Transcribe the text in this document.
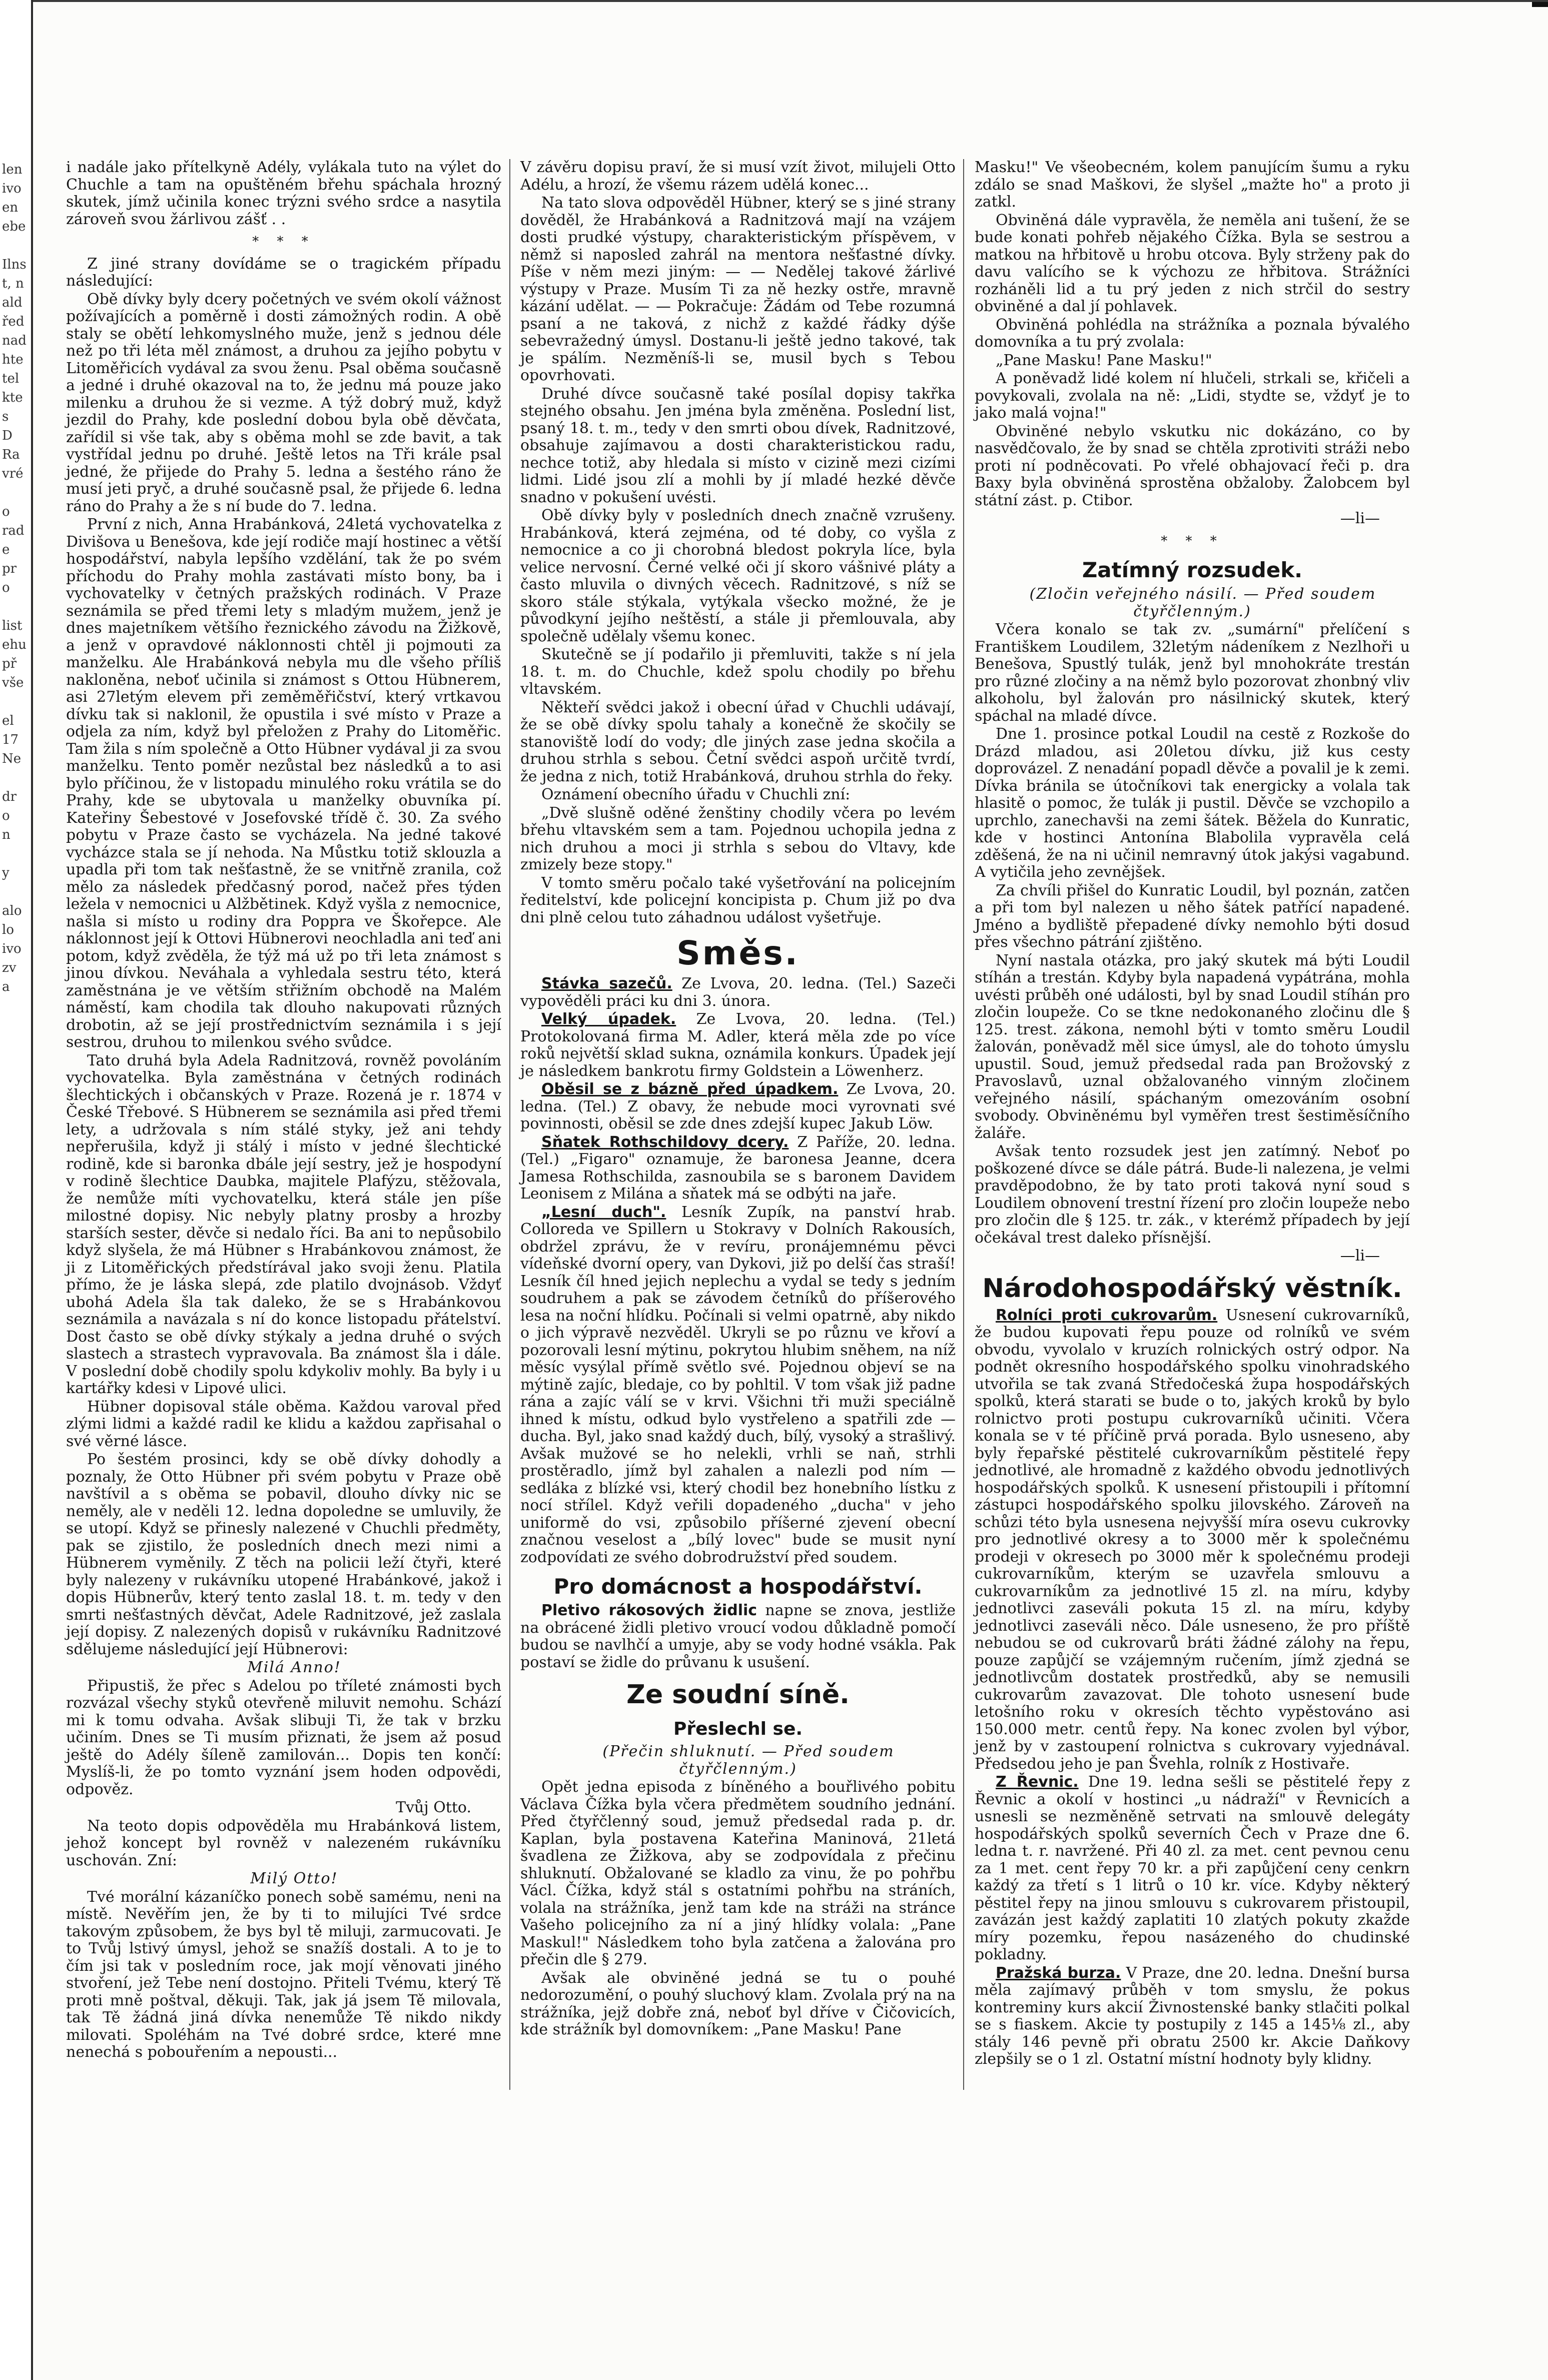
len
ivo
en
ebe

Ilns
t, n
ald
řed
nad
hte
tel
kte
s
D
Ra
vré

o
rad
e
pr
o

list
ehu
př
vše

el
17
Ne

dr
o
n

y

alo
lo
ivo
zv
a

i nadále jako přítelkyně Adély, vylákala tuto na výlet do Chuchle a tam na opuštěném břehu spáchala hrozný skutek, jímž učinila konec trýzni svého srdce a nasytila zároveň svou žárlivou zášť . .

* * *

Z jiné strany dovídáme se o tragickém případu následující:

Obě dívky byly dcery početných ve svém okolí vážnost požívajících a poměrně i dosti zámožných rodin. A obě staly se obětí lehkomyslného muže, jenž s jednou déle než po tři léta měl známost, a druhou za jejího pobytu v Litoměřicích vydával za svou ženu. Psal oběma současně a jedné i druhé okazoval na to, že jednu má pouze jako milenku a druhou že si vezme. A týž dobrý muž, když jezdil do Prahy, kde poslední dobou byla obě děvčata, zařídil si vše tak, aby s oběma mohl se zde bavit, a tak vystřídal jednu po druhé. Ještě letos na Tři krále psal jedné, že přijede do Prahy 5. ledna a šestého ráno že musí jeti pryč, a druhé současně psal, že přijede 6. ledna ráno do Prahy a že s ní bude do 7. ledna.

První z nich, Anna Hrabánková, 24letá vychovatelka z Divišova u Benešova, kde její rodiče mají hostinec a větší hospodářství, nabyla lepšího vzdělání, tak že po svém příchodu do Prahy mohla zastávati místo bony, ba i vychovatelky v četných pražských rodinách. V Praze seznámila se před třemi lety s mladým mužem, jenž je dnes majetníkem většího řeznického závodu na Žižkově, a jenž v opravdové náklonnosti chtěl ji pojmouti za manželku. Ale Hrabánková nebyla mu dle všeho příliš nakloněna, neboť učinila si známost s Ottou Hübnerem, asi 27letým elevem při zeměměřičství, který vrtkavou dívku tak si naklonil, že opustila i své místo v Praze a odjela za ním, když byl přeložen z Prahy do Litoměřic. Tam žila s ním společně a Otto Hübner vydával ji za svou manželku. Tento poměr nezůstal bez následků a to asi bylo příčinou, že v listopadu minulého roku vrátila se do Prahy, kde se ubytovala u manželky obuvníka pí. Kateřiny Šebestové v Josefovské třídě č. 30. Za svého pobytu v Praze často se vycházela. Na jedné takové vycházce stala se jí nehoda. Na Můstku totiž sklouzla a upadla při tom tak nešťastně, že se vnitřně zranila, což mělo za následek předčasný porod, načež přes týden ležela v nemocnici u Alžbětinek. Když vyšla z nemocnice, našla si místo u rodiny dra Poppra ve Škořepce. Ale náklonnost její k Ottovi Hübnerovi neochladla ani teď ani potom, když zvěděla, že týž má už po tři leta známost s jinou dívkou. Neváhala a vyhledala sestru této, která zaměstnána je ve větším střižním obchodě na Malém náměstí, kam chodila tak dlouho nakupovati různých drobotin, až se její prostřednictvím seznámila i s její sestrou, druhou to milenkou svého svůdce.

Tato druhá byla Adela Radnitzová, rovněž povoláním vychovatelka. Byla zaměstnána v četných rodinách šlechtických i občanských v Praze. Rozená je r. 1874 v České Třebové. S Hübnerem se seznámila asi před třemi lety, a udržovala s ním stálé styky, jež ani tehdy nepřerušila, když ji stálý i místo v jedné šlechtické rodině, kde si baronka dbále její sestry, jež je hospodyní v rodině šlechtice Daubka, majitele Plafýzu, stěžovala, že nemůže míti vychovatelku, která stále jen píše milostné dopisy. Nic nebyly platny prosby a hrozby starších sester, děvče si nedalo říci. Ba ani to nepůsobilo když slyšela, že má Hübner s Hrabánkovou známost, že ji z Litoměřických předstírával jako svoji ženu. Platila přímo, že je láska slepá, zde platilo dvojnásob. Vždyť ubohá Adela šla tak daleko, že se s Hrabánkovou seznámila a navázala s ní do konce listopadu přátelství. Dost často se obě dívky stýkaly a jedna druhé o svých slastech a strastech vypravovala. Ba známost šla i dále. V poslední době chodily spolu kdykoliv mohly. Ba byly i u kartářky kdesi v Lipové ulici.

Hübner dopisoval stále oběma. Každou varoval před zlými lidmi a každé radil ke klidu a každou zapřisahal o své věrné lásce.

Po šestém prosinci, kdy se obě dívky dohodly a poznaly, že Otto Hübner při svém pobytu v Praze obě navštívil a s oběma se pobavil, dlouho dívky nic se neměly, ale v neděli 12. ledna dopoledne se umluvily, že se utopí. Když se přinesly nalezené v Chuchli předměty, pak se zjistilo, že posledních dnech mezi nimi a Hübnerem vyměnily. Z těch na policii leží čtyři, které byly nalezeny v rukávníku utopené Hrabánkové, jakož i dopis Hübnerův, který tento zaslal 18. t. m. tedy v den smrti nešťastných děvčat, Adele Radnitzové, jež zaslala její dopisy. Z nalezených dopisů v rukávníku Radnitzové sdělujeme následující její Hübnerovi:

Milá Anno!

Připustiš, že přec s Adelou po tříleté známosti bych rozvázal všechy styků otevřeně miluvit nemohu. Schází mi k tomu odvaha. Avšak slibuji Ti, že tak v brzku učiním. Dnes se Ti musím přiznati, že jsem až posud ještě do Adély šíleně zamilován... Dopis ten končí: Myslíš-li, že po tomto vyznání jsem hoden odpovědi, odpověz.

Tvůj Otto.

Na teoto dopis odpověděla mu Hrabánková listem, jehož koncept byl rovněž v nalezeném rukávníku uschován. Zní:

Milý Otto!

Tvé morální kázaníčko ponech sobě samému, neni na místě. Nevěřím jen, že by ti to milujíci Tvé srdce takovým způsobem, že bys byl tě miluji, zarmucovati. Je to Tvůj lstivý úmysl, jehož se snažíš dostali. A to je to čím jsi tak v posledním roce, jak mojí věnovati jiného stvoření, jež Tebe není dostojno. Přiteli Tvému, který Tě proti mně poštval, děkuji. Tak, jak já jsem Tě milovala, tak Tě žádná jiná dívka nenemůže Tě nikdo nikdy milovati. Spoléhám na Tvé dobré srdce, které mne nenechá s pobouřením a nepousti...

V závěru dopisu praví, že si musí vzít život, milujeli Otto Adélu, a hrozí, že všemu rázem udělá konec...

Na tato slova odpověděl Hübner, který se s jiné strany dověděl, že Hrabánková a Radnitzová mají na vzájem dosti prudké výstupy, charakteristickým příspěvem, v němž si naposled zahrál na mentora nešťastné dívky. Píše v něm mezi jiným: — — Nedělej takové žárlivé výstupy v Praze. Musím Ti za ně hezky ostře, mravně kázání udělat. — — Pokračuje: Žádám od Tebe rozumná psaní a ne taková, z nichž z každé řádky dýše sebevražedný úmysl. Dostanu-li ještě jedno takové, tak je spálím. Nezměníš-li se, musil bych s Tebou opovrhovati.

Druhé dívce současně také posílal dopisy takřka stejného obsahu. Jen jména byla změněna. Poslední list, psaný 18. t. m., tedy v den smrti obou dívek, Radnitzové, obsahuje zajímavou a dosti charakteristickou radu, nechce totiž, aby hledala si místo v cizině mezi cizími lidmi. Lidé jsou zlí a mohli by jí mladé hezké děvče snadno v pokušení uvésti.

Obě dívky byly v posledních dnech značně vzrušeny. Hrabánková, která zejména, od té doby, co vyšla z nemocnice a co ji chorobná bledost pokryla líce, byla velice nervosní. Černé velké oči jí skoro vášnivé pláty a často mluvila o divných věcech. Radnitzové, s níž se skoro stále stýkala, vytýkala všecko možné, že je původkyní jejího neštěstí, a stále ji přemlouvala, aby společně udělaly všemu konec.

Skutečně se jí podařilo ji přemluviti, takže s ní jela 18. t. m. do Chuchle, kdež spolu chodily po břehu vltavském.

Někteří svědci jakož i obecní úřad v Chuchli udávají, že se obě dívky spolu tahaly a konečně že skočily se stanoviště lodí do vody; dle jiných zase jedna skočila a druhou strhla s sebou. Četní svědci aspoň určitě tvrdí, že jedna z nich, totiž Hrabánková, druhou strhla do řeky.

Oznámení obecního úřadu v Chuchli zní:

„Dvě slušně oděné ženštiny chodily včera po levém břehu vltavském sem a tam. Pojednou uchopila jedna z nich druhou a moci ji strhla s sebou do Vltavy, kde zmizely beze stopy."

V tomto směru počalo také vyšetřování na policejním ředitelství, kde policejní koncipista p. Chum již po dva dni plně celou tuto záhadnou událost vyšetřuje.

Směs.

Stávka sazečů. Ze Lvova, 20. ledna. (Tel.) Sazeči vypověděli práci ku dni 3. února.

Velký úpadek. Ze Lvova, 20. ledna. (Tel.) Protokolovaná firma M. Adler, která měla zde po více roků největší sklad sukna, oznámila konkurs. Úpadek její je následkem bankrotu firmy Goldstein a Löwenherz.

Oběsil se z bázně před úpadkem. Ze Lvova, 20. ledna. (Tel.) Z obavy, že nebude moci vyrovnati své povinnosti, oběsil se zde dnes zdejší kupec Jakub Löw.

Sňatek Rothschildovy dcery. Z Paříže, 20. ledna. (Tel.) „Figaro" oznamuje, že baronesa Jeanne, dcera Jamesa Rothschilda, zasnoubila se s baronem Davidem Leonisem z Milána a sňatek má se odbýti na jaře.

„Lesní duch". Lesník Zupík, na panství hrab. Colloreda ve Spillern u Stokravy v Dolních Rakousích, obdržel zprávu, že v revíru, pronájemnému pěvci vídeňské dvorní opery, van Dykovi, již po delší čas straší! Lesník číl hned jejich neplechu a vydal se tedy s jedním soudruhem a pak se závodem četníků do příšerového lesa na noční hlídku. Počínali si velmi opatrně, aby nikdo o jich výpravě nezvěděl. Ukryli se po různu ve křoví a pozorovali lesní mýtinu, pokrytou hlubim sněhem, na níž měsíc vysýlal přímě světlo své. Pojednou objeví se na mýtině zajíc, bledaje, co by pohltil. V tom však již padne rána a zajíc válí se v krvi. Všichni tři muži speciálně ihned k místu, odkud bylo vystřeleno a spatřili zde — ducha. Byl, jako snad každý duch, bílý, vysoký a strašlivý. Avšak mužové se ho nelekli, vrhli se naň, strhli prostěradlo, jímž byl zahalen a nalezli pod ním — sedláka z blízké vsi, který chodil bez honebního lístku z nocí střílel. Když veřili dopadeného „ducha" v jeho uniformě do vsi, způsobilo příšerné zjevení obecní značnou veselost a „bílý lovec" bude se musit nyní zodpovídati ze svého dobrodružství před soudem.

Pro domácnost a hospodářství.

Pletivo rákosových židlic napne se znova, jestliže na obrácené židli pletivo vroucí vodou důkladně pomočí budou se navlhčí a umyje, aby se vody hodné vsákla. Pak postaví se židle do průvanu k usušení.

Ze soudní síně.
Přeslechl se.

(Přečin shluknutí. — Před soudem čtyřčlenným.)

Opět jedna episoda z bíněného a bouřlivého pobitu Václava Čížka byla včera předmětem soudního jednání. Před čtyřčlenný soud, jemuž předsedal rada p. dr. Kaplan, byla postavena Kateřina Maninová, 21letá švadlena ze Žižkova, aby se zodpovídala z přečinu shluknutí. Obžalované se kladlo za vinu, že po pohřbu Václ. Čížka, když stál s ostatními pohřbu na stráních, volala na strážníka, jenž tam kde na stráži na stránce Vašeho policejního za ní a jiný hlídky volala: „Pane Maskul!" Následkem toho byla zatčena a žalována pro přečin dle § 279.

Avšak ale obviněné jedná se tu o pouhé nedorozumění, o pouhý sluchový klam. Zvolala prý na na strážníka, jejž dobře zná, neboť byl dříve v Čičovicích, kde strážník byl domovníkem: „Pane Masku! Pane

Masku!" Ve všeobecném, kolem panujícím šumu a ryku zdálo se snad Maškovi, že slyšel „mažte ho" a proto ji zatkl.

Obviněná dále vypravěla, že neměla ani tušení, že se bude konati pohřeb nějakého Čížka. Byla se sestrou a matkou na hřbitově u hrobu otcova. Byly strženy pak do davu valícího se k výchozu ze hřbitova. Strážníci rozháněli lid a tu prý jeden z nich strčil do sestry obviněné a dal jí pohlavek.

Obviněná pohlédla na strážníka a poznala bývalého domovníka a tu prý zvolala:

„Pane Masku! Pane Masku!"

A poněvadž lidé kolem ní hlučeli, strkali se, křičeli a povykovali, zvolala na ně: „Lidi, stydte se, vždyť je to jako malá vojna!"

Obviněné nebylo vskutku nic dokázáno, co by nasvědčovalo, že by snad se chtěla zprotiviti stráži nebo proti ní podněcovati. Po vřelé obhajovací řeči p. dra Baxy byla obviněná sprostěna obžaloby. Žalobcem byl státní zást. p. Ctibor.

—li—

* * *
Zatímný rozsudek.

(Zločin veřejného násilí. — Před soudem čtyřčlenným.)

Včera konalo se tak zv. „sumární" přelíčení s Františkem Loudilem, 32letým nádeníkem z Nezlhoři u Benešova, Spustlý tulák, jenž byl mnohokráte trestán pro různé zločiny a na němž bylo pozorovat zhonbný vliv alkoholu, byl žalován pro násilnický skutek, který spáchal na mladé dívce.

Dne 1. prosince potkal Loudil na cestě z Rozkoše do Drázd mladou, asi 20letou dívku, již kus cesty doprovázel. Z nenadání popadl děvče a povalil je k zemi. Dívka bránila se útočníkovi tak energicky a volala tak hlasitě o pomoc, že tulák ji pustil. Děvče se vzchopilo a uprchlo, zanechavši na zemi šátek. Běžela do Kunratic, kde v hostinci Antonína Blabolila vypravěla celá zděšená, že na ni učinil nemravný útok jakýsi vagabund. A vytičila jeho zevnějšek.

Za chvíli přišel do Kunratic Loudil, byl poznán, zatčen a při tom byl nalezen u něho šátek patřící napadené. Jméno a bydliště přepadené dívky nemohlo býti dosud přes všechno pátrání zjištěno.

Nyní nastala otázka, pro jaký skutek má býti Loudil stíhán a trestán. Kdyby byla napadená vypátrána, mohla uvésti průběh oné události, byl by snad Loudil stíhán pro zločin loupeže. Co se tkne nedokonaného zločinu dle § 125. trest. zákona, nemohl býti v tomto směru Loudil žalován, poněvadž měl sice úmysl, ale do tohoto úmyslu upustil. Soud, jemuž předsedal rada pan Brožovský z Pravoslavů, uznal obžalovaného vinným zločinem veřejného násilí, spáchaným omezováním osobní svobody. Obviněnému byl vyměřen trest šestiměsíčního žaláře.

Avšak tento rozsudek jest jen zatímný. Neboť po poškozené dívce se dále pátrá. Bude-li nalezena, je velmi pravděpodobno, že by tato proti taková nyní soud s Loudilem obnovení trestní řízení pro zločin loupeže nebo pro zločin dle § 125. tr. zák., v kterémž případech by její očekával trest daleko přísnější.

—li—

Národohospodářský věstník.

Rolníci proti cukrovarům. Usnesení cukrovarníků, že budou kupovati řepu pouze od rolníků ve svém obvodu, vyvolalo v kruzích rolnických ostrý odpor. Na podnět okresního hospodářského spolku vinohradského utvořila se tak zvaná Středočeská župa hospodářských spolků, která starati se bude o to, jakých kroků by bylo rolnictvo proti postupu cukrovarníků učiniti. Včera konala se v té příčině prvá porada. Bylo usneseno, aby byly řepařské pěstitelé cukrovarníkům pěstitelé řepy jednotlivé, ale hromadně z každého obvodu jednotlivých hospodářských spolků. K usnesení přistoupili i přítomní zástupci hospodářského spolku jilovského. Zároveň na schůzi této byla usnesena nejvyšší míra osevu cukrovky pro jednotlivé okresy a to 3000 měr k společnému prodeji v okresech po 3000 měr k společnému prodeji cukrovarníkům, kterým se uzavřela smlouvu a cukrovarníkům za jednotlivé 15 zl. na míru, kdyby jednotlivci zaseváli pokuta 15 zl. na míru, kdyby jednotlivci zaseváli něco. Dále usneseno, že pro příště nebudou se od cukrovarů bráti žádné zálohy na řepu, pouze zapůjčí se vzájemným ručením, jímž zjedná se jednotlivcům dostatek prostředků, aby se nemusili cukrovarům zavazovat. Dle tohoto usnesení bude letošního roku v okresích těchto vypěstováno asi 150.000 metr. centů řepy. Na konec zvolen byl výbor, jenž by v zastoupení rolnictva s cukrovary vyjednával. Předsedou jeho je pan Švehla, rolník z Hostivaře.

Z Řevnic. Dne 19. ledna sešli se pěstitelé řepy z Řevnic a okolí v hostinci „u nádraží" v Řevnicích a usnesli se nezměněně setrvati na smlouvě delegáty hospodářských spolků severních Čech v Praze dne 6. ledna t. r. navržené. Při 40 zl. za met. cent pevnou cenu za 1 met. cent řepy 70 kr. a při zapůjčení ceny cenkrn každý za třetí s 1 litrů o 10 kr. více. Kdyby některý pěstitel řepy na jinou smlouvu s cukrovarem přistoupil, zavázán jest každý zaplatiti 10 zlatých pokuty zkažde míry pozemku, řepou nasázeného do chudinské pokladny.

Pražská burza. V Praze, dne 20. ledna. Dnešní bursa měla zajímavý průběh v tom smyslu, že pokus kontreminy kurs akcií Živnostenské banky stlačiti polkal se s fiaskem. Akcie ty postupily z 145 a 145⅛ zl., aby stály 146 pevně při obratu 2500 kr. Akcie Daňkovy zlepšily se o 1 zl. Ostatní místní hodnoty byly klidny.
